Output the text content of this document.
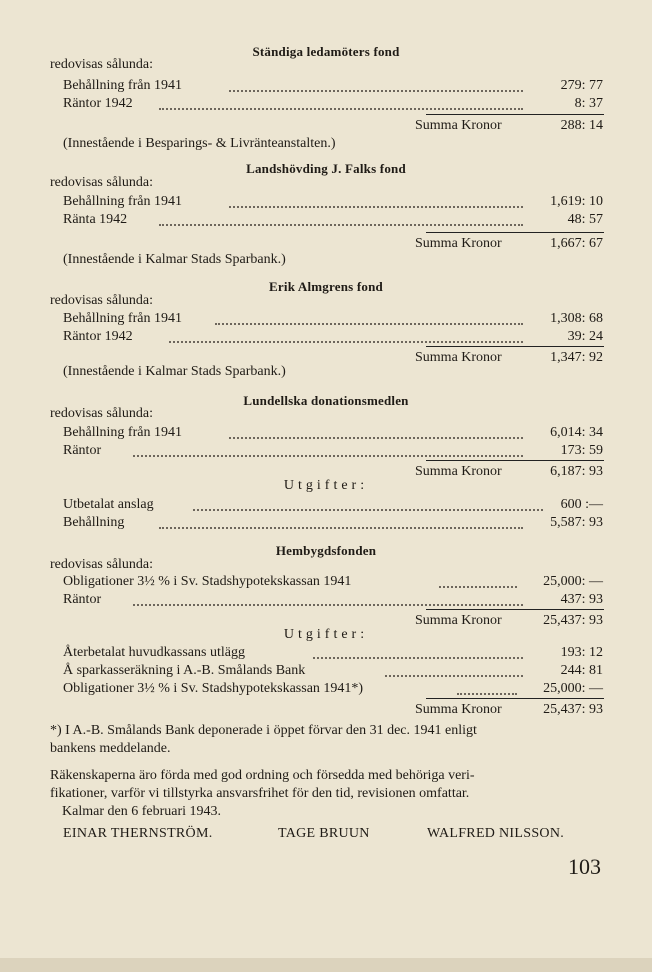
Ständiga ledamöters fond
redovisas sålunda:
Behållning från 1941	279: 77
Räntor 1942	8: 37
Summa Kronor	288: 14
(Innestående i Besparings- & Livränteanstalten.)
Landshövding J. Falks fond
redovisas sålunda:
Behållning från 1941	1,619: 10
Ränta 1942	48: 57
Summa Kronor	1,667: 67
(Innestående i Kalmar Stads Sparbank.)
Erik Almgrens fond
redovisas sålunda:
Behållning från 1941	1,308: 68
Räntor 1942	39: 24
Summa Kronor	1,347: 92
(Innestående i Kalmar Stads Sparbank.)
Lundellska donationsmedlen
redovisas sålunda:
Behållning från 1941	6,014: 34
Räntor	173: 59
Summa Kronor	6,187: 93
Utgifter:
Utbetalat anslag	600 :—
Behållning	5,587: 93
Hembygdsfonden
redovisas sålunda:
Obligationer 3½ % i Sv. Stadshypotekskassan 1941	25,000: —
Räntor	437: 93
Summa Kronor	25,437: 93
Utgifter:
Återbetalat huvudkassans utlägg	193: 12
Å sparkasseräkning i A.-B. Smålands Bank	244: 81
Obligationer 3½ % i Sv. Stadshypotekskassan 1941*)	25,000: —
Summa Kronor	25,437: 93
*) I A.-B. Smålands Bank deponerade i öppet förvar den 31 dec. 1941 enligt
bankens meddelande.
Räkenskaperna äro förda med god ordning och försedda med behöriga veri-
fikationer, varför vi tillstyrka ansvarsfrihet för den tid, revisionen omfattar.
Kalmar den 6 februari 1943.
EINAR THERNSTRÖM.	TAGE BRUUN	WALFRED NILSSON.
103
